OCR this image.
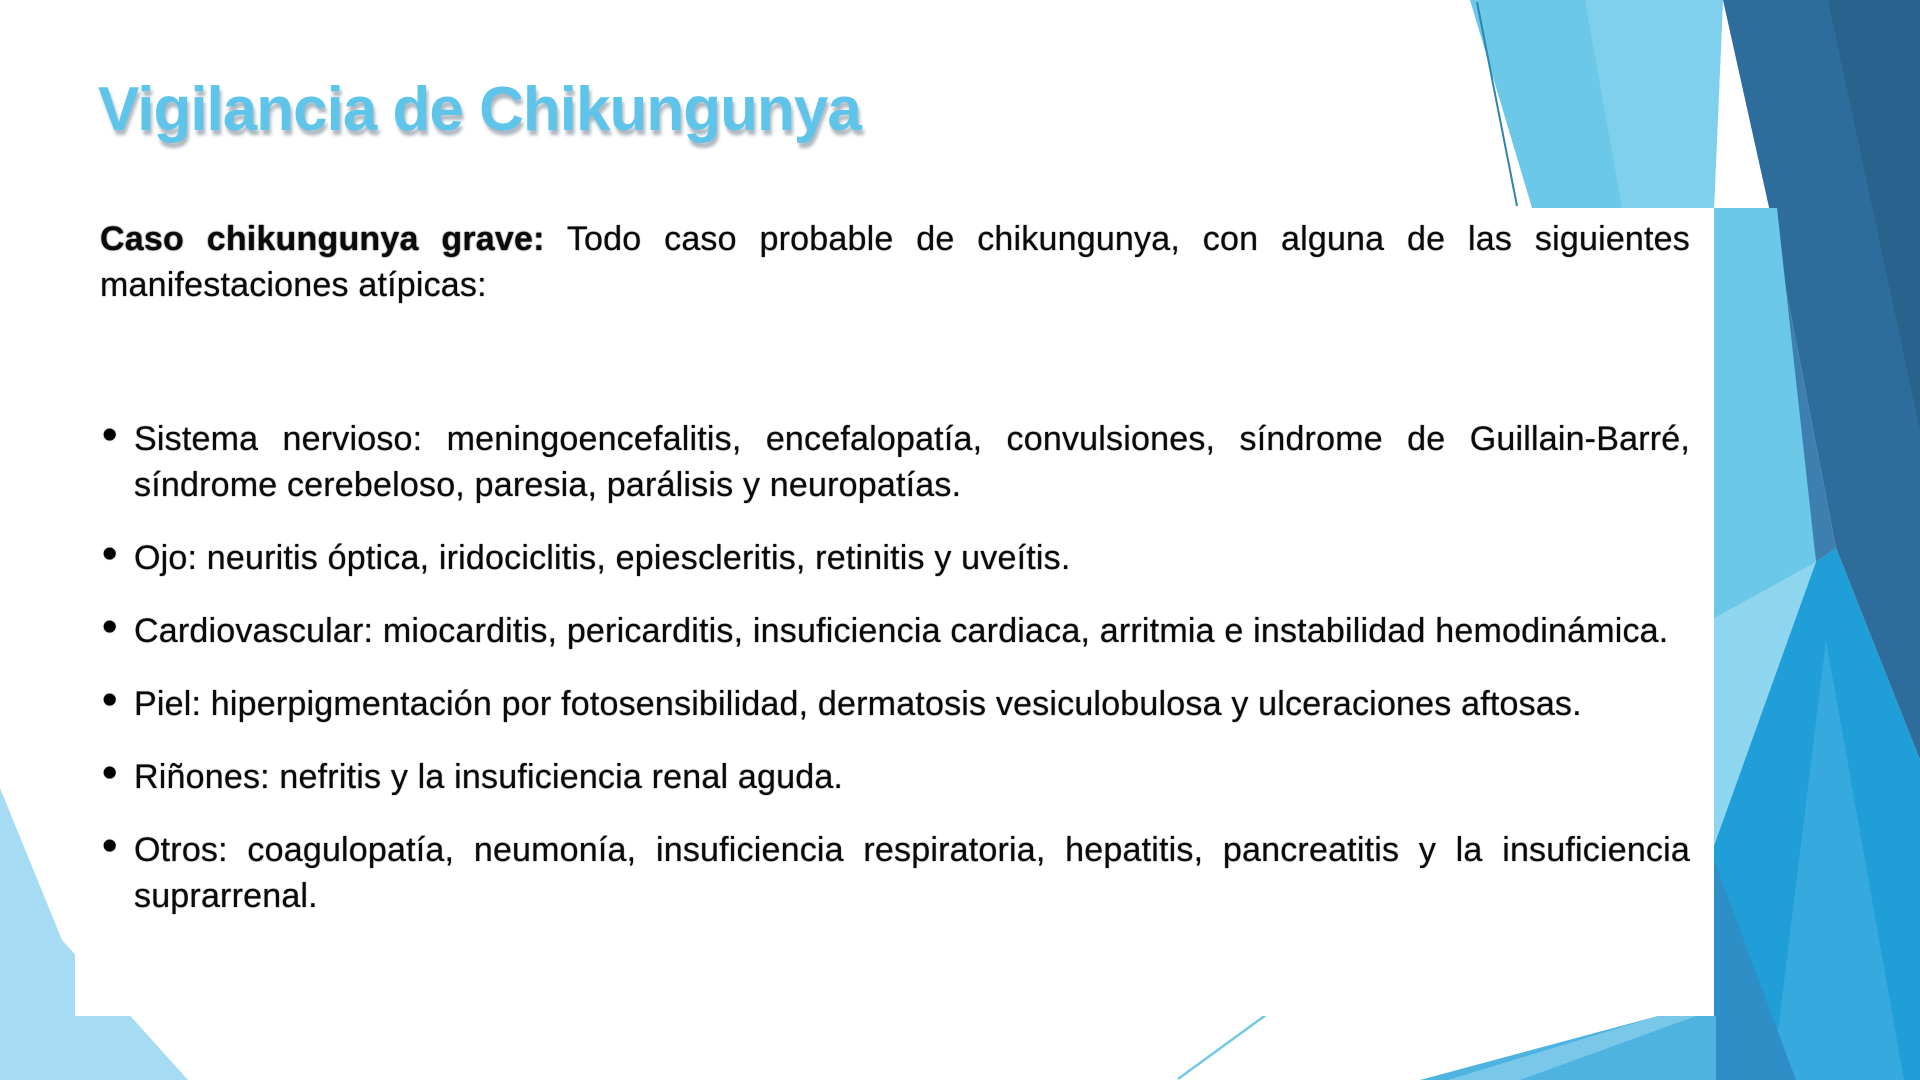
Vigilancia de Chikungunya

Caso chikungunya grave: Todo caso probable de chikungunya, con alguna de las siguientes manifestaciones atípicas:

• Sistema nervioso: meningoencefalitis, encefalopatía, convulsiones, síndrome de Guillain-Barré, síndrome cerebeloso, paresia, parálisis y neuropatías.
• Ojo: neuritis óptica, iridociclitis, epiescleritis, retinitis y uveítis.
• Cardiovascular: miocarditis, pericarditis, insuficiencia cardiaca, arritmia e instabilidad hemodinámica.
• Piel: hiperpigmentación por fotosensibilidad, dermatosis vesiculobulosa y ulceraciones aftosas.
• Riñones: nefritis y la insuficiencia renal aguda.
• Otros: coagulopatía, neumonía, insuficiencia respiratoria, hepatitis, pancreatitis y la insuficiencia suprarrenal.
